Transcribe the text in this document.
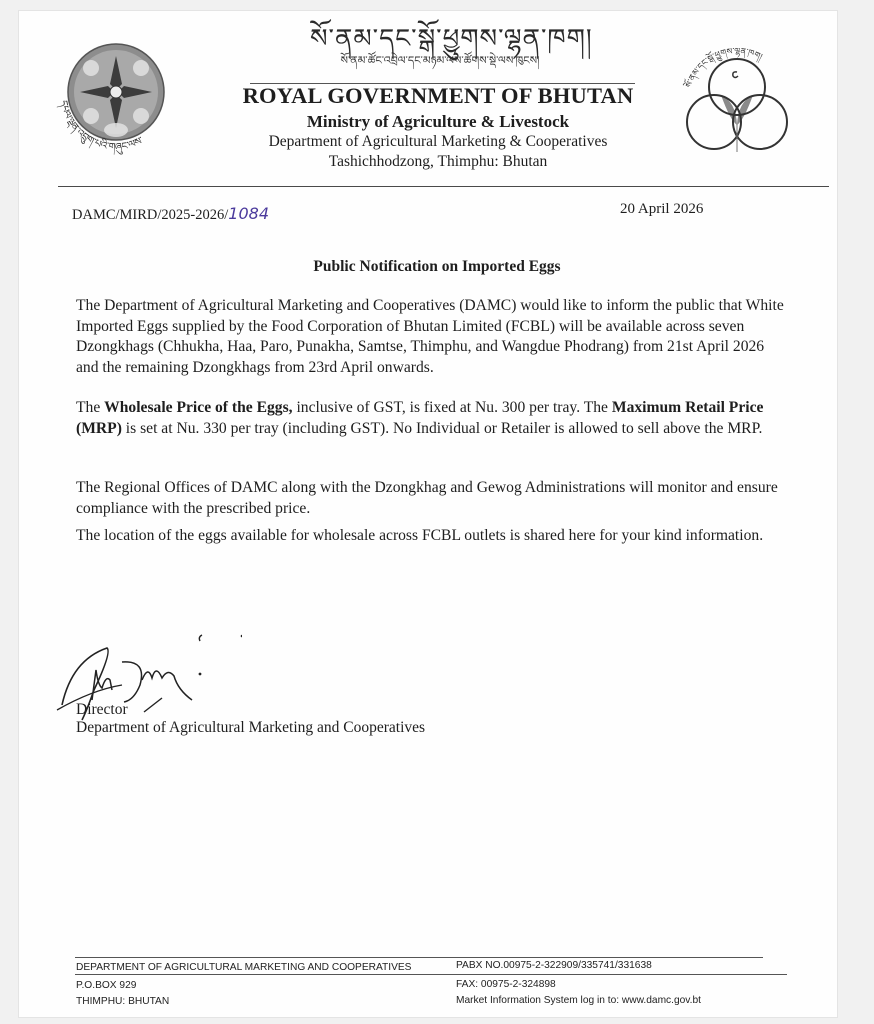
དཔལ་ལྡན་འབྲུག་པའི་གཞུང་ལས་
སོ་ནམ་དང་སྒོ་ཕྱུགས་ལྷན་ཁག།
སོ་ནམ་ཚོང་འབྲེལ་དང་མཉམ་ལས་ཚོགས་སྡེ་ལས་ཁུངས།
ROYAL GOVERNMENT OF BHUTAN
Ministry of Agriculture & Livestock
Department of Agricultural Marketing & Cooperatives
Tashichhodzong, Thimphu: Bhutan
སོ་ནམ་དང་སྒོ་ཕྱུགས་ལྷན་ཁག།
DAMC/MIRD/2025-2026/1084	20 April 2026
Public Notification on Imported Eggs
The Department of Agricultural Marketing and Cooperatives (DAMC) would like to inform the public that White Imported Eggs supplied by the Food Corporation of Bhutan Limited (FCBL) will be available across seven Dzongkhags (Chhukha, Haa, Paro, Punakha, Samtse, Thimphu, and Wangdue Phodrang) from 21st April 2026 and the remaining Dzongkhags from 23rd April onwards.
The Wholesale Price of the Eggs, inclusive of GST, is fixed at Nu. 300 per tray. The Maximum Retail Price (MRP) is set at Nu. 330 per tray (including GST). No Individual or Retailer is allowed to sell above the MRP.
The Regional Offices of DAMC along with the Dzongkhag and Gewog Administrations will monitor and ensure compliance with the prescribed price.
The location of the eggs available for wholesale across FCBL outlets is shared here for your kind information.
Director
Department of Agricultural Marketing and Cooperatives
DEPARTMENT OF AGRICULTURAL MARKETING AND COOPERATIVES
P.O.BOX 929
THIMPHU: BHUTAN
PABX NO.00975-2-322909/335741/331638
FAX: 00975-2-324898
Market Information System log in to: www.damc.gov.bt
